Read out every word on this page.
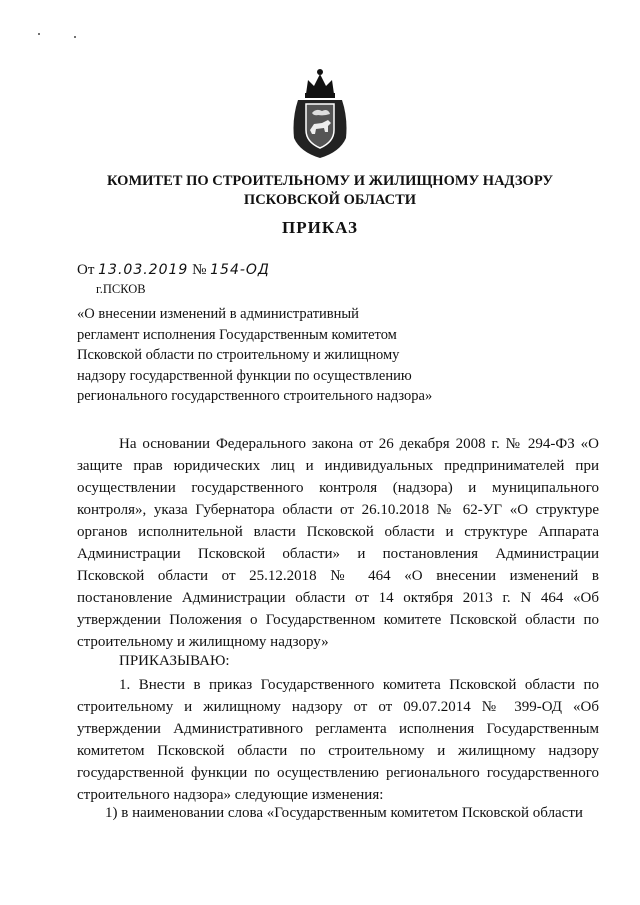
КОМИТЕТ ПО СТРОИТЕЛЬНОМУ И ЖИЛИЩНОМУ НАДЗОРУ ПСКОВСКОЙ ОБЛАСТИ
ПРИКАЗ
От 13.03.2019 № 154-ОД
г.ПСКОВ
«О внесении изменений в административный
регламент исполнения Государственным комитетом
Псковской области по строительному и жилищному
надзору государственной функции по осуществлению
регионального государственного строительного надзора»
На основании Федерального закона от 26 декабря 2008 г. № 294-ФЗ «О защите прав юридических лиц и индивидуальных предпринимателей при осуществлении государственного контроля (надзора) и муниципального контроля», указа Губернатора области от 26.10.2018 № 62-УГ «О структуре органов исполнительной власти Псковской области и структуре Аппарата Администрации Псковской области» и постановления Администрации Псковской области от 25.12.2018 № 464 «О внесении изменений в постановление Администрации области от 14 октября 2013 г. N 464 «Об утверждении Положения о Государственном комитете Псковской области по строительному и жилищному надзору»
ПРИКАЗЫВАЮ:
1. Внести в приказ Государственного комитета Псковской области по строительному и жилищному надзору от от 09.07.2014 № 399-ОД «Об утверждении Административного регламента исполнения Государственным комитетом Псковской области по строительному и жилищному надзору государственной функции по осуществлению регионального государственного строительного надзора» следующие изменения:
1) в наименовании слова «Государственным комитетом Псковской области
